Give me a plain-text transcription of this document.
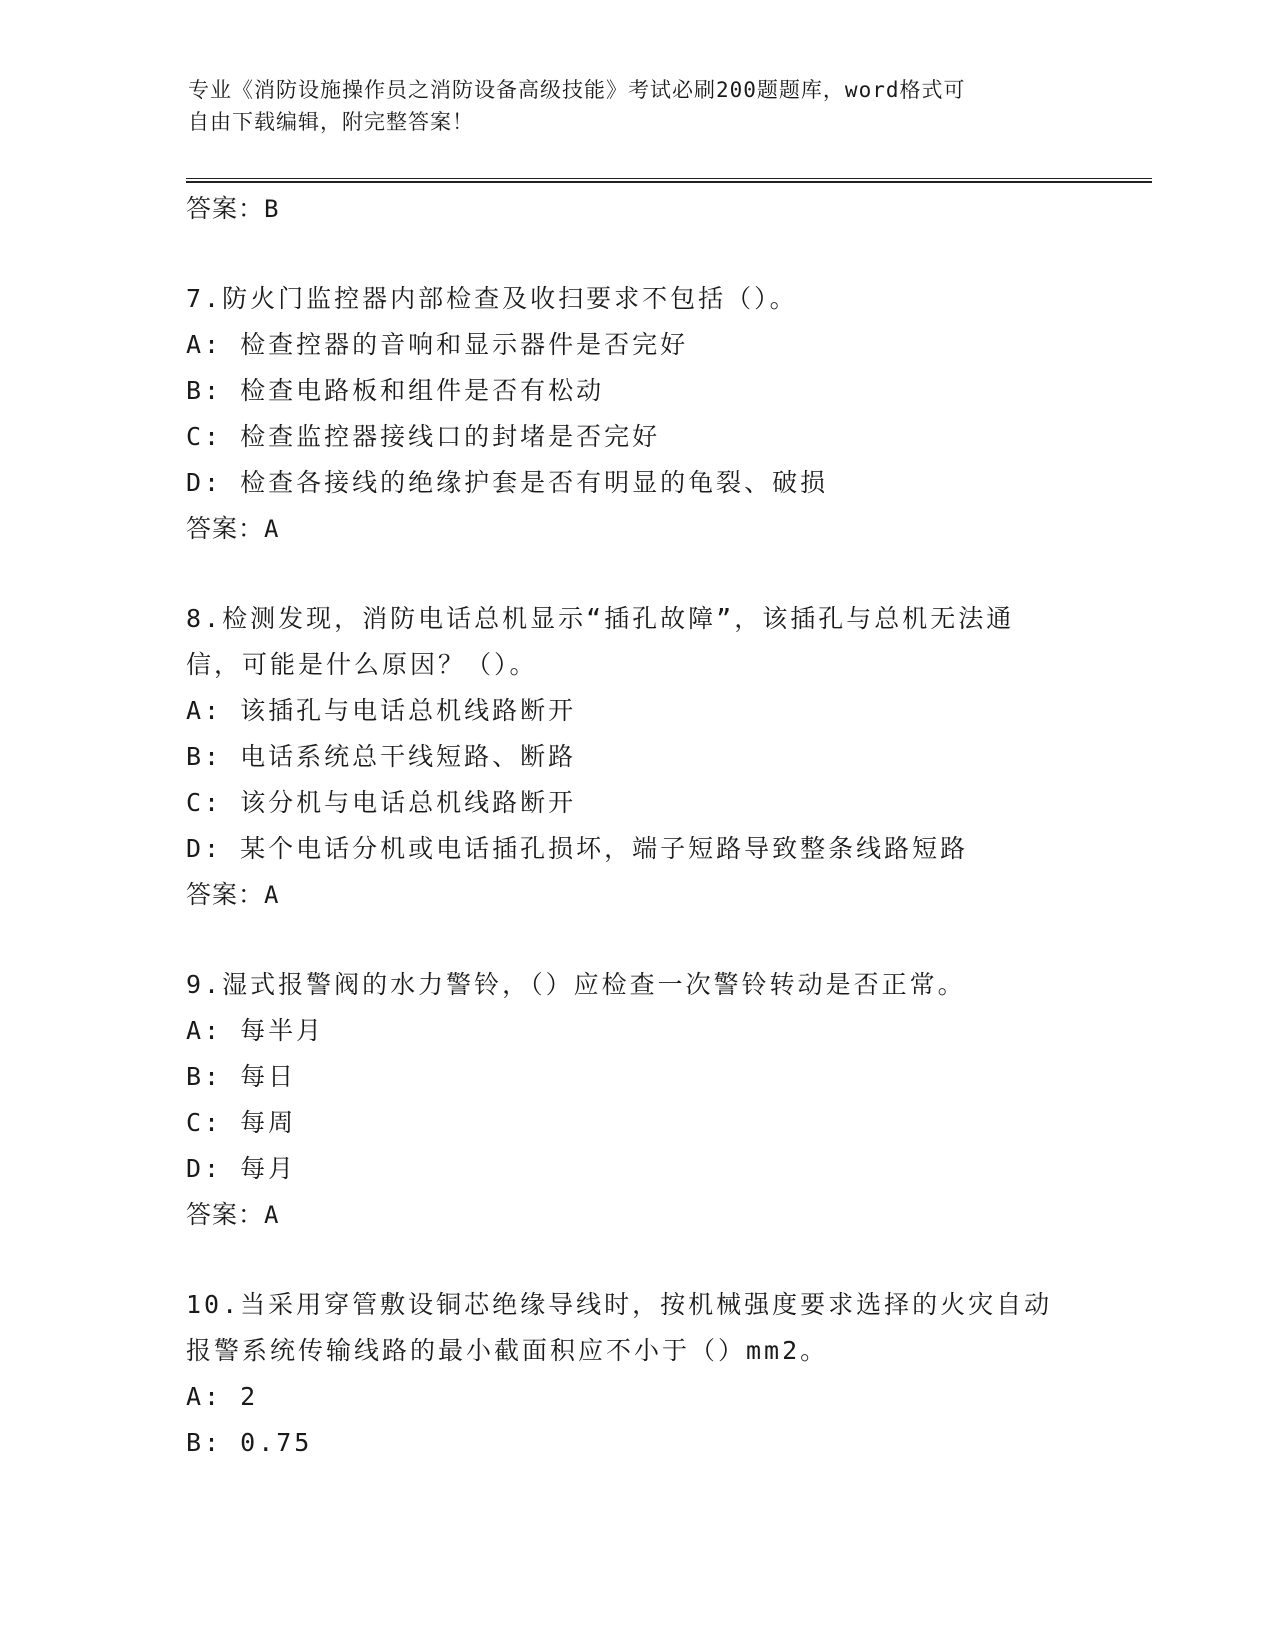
专业《消防设施操作员之消防设备高级技能》考试必刷200题题库，word格式可
自由下载编辑，附完整答案！
答案：B
7.防火门监控器内部检查及收扫要求不包括（）。
A: 检查控器的音响和显示器件是否完好
B: 检查电路板和组件是否有松动
C: 检查监控器接线口的封堵是否完好
D: 检查各接线的绝缘护套是否有明显的龟裂、破损
答案：A
8.检测发现，消防电话总机显示“插孔故障”，该插孔与总机无法通
信，可能是什么原因？（）。
A: 该插孔与电话总机线路断开
B: 电话系统总干线短路、断路
C: 该分机与电话总机线路断开
D: 某个电话分机或电话插孔损坏，端子短路导致整条线路短路
答案：A
9.湿式报警阀的水力警铃，（）应检查一次警铃转动是否正常。
A: 每半月
B: 每日
C: 每周
D: 每月
答案：A
10.当采用穿管敷设铜芯绝缘导线时，按机械强度要求选择的火灾自动
报警系统传输线路的最小截面积应不小于（）mm2。
A: 2
B: 0.75
